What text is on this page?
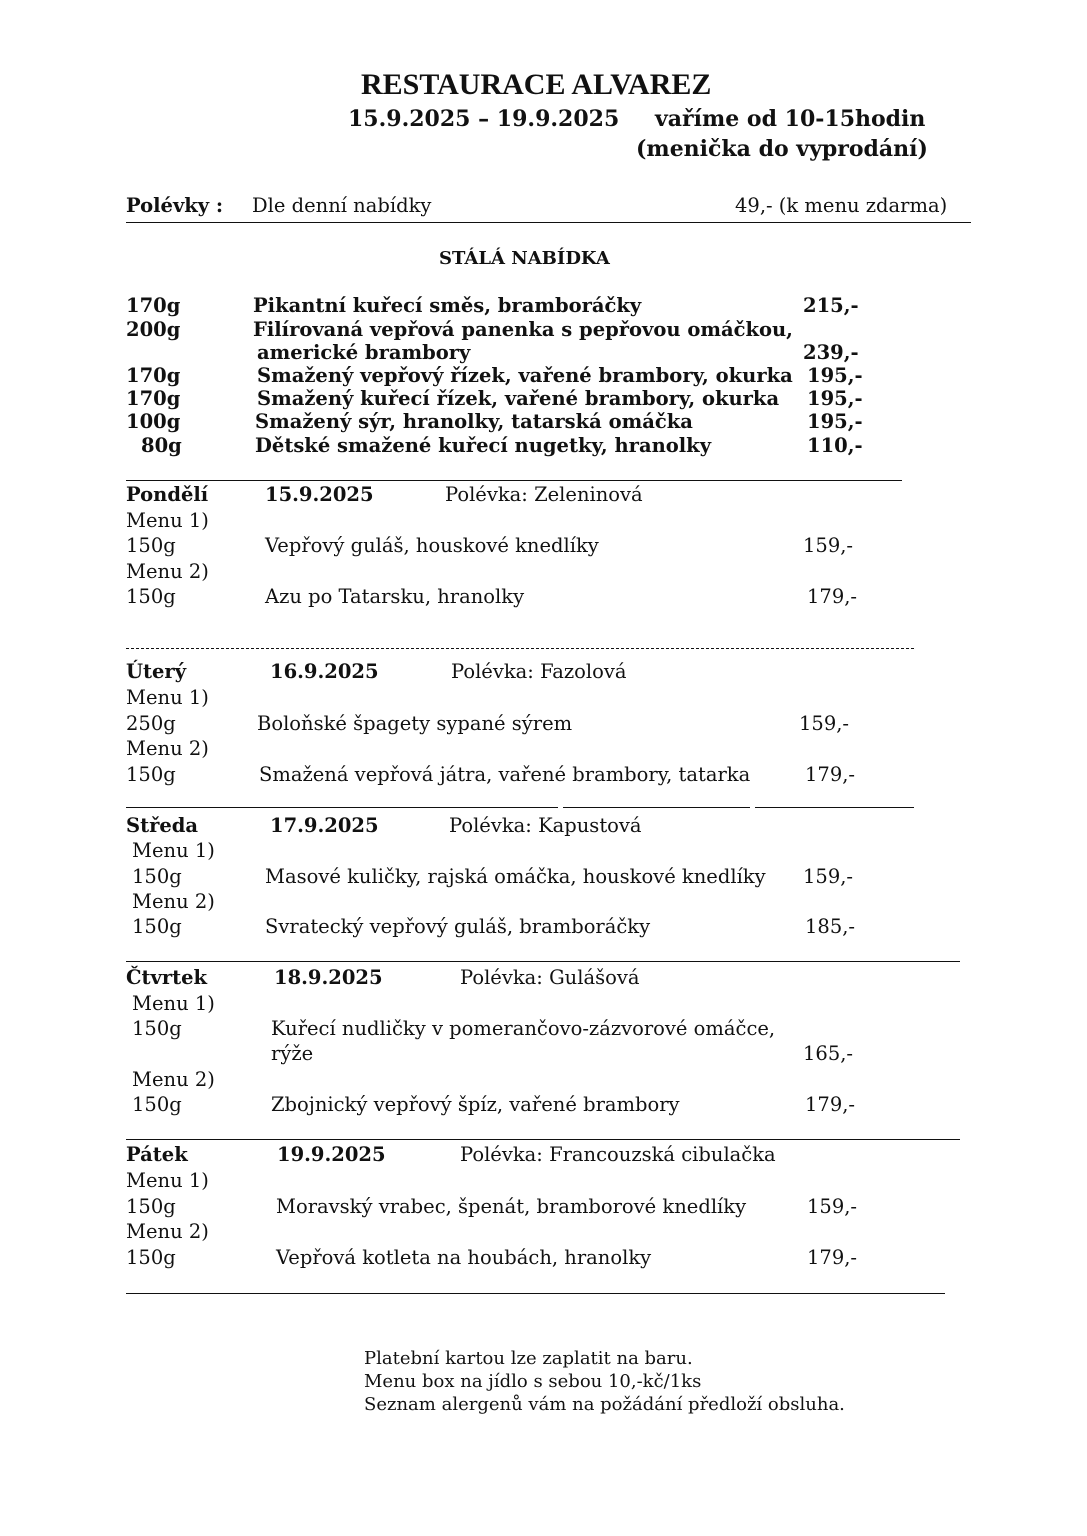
RESTAURACE ALVAREZ
15.9.2025 – 19.9.2025 vaříme od 10-15hodin
(menička do vyprodání)
Polévky : Dle denní nabídky	49,- (k menu zdarma)
STÁLÁ NABÍDKA
170g	Pikantní kuřecí směs, bramboráčky	215,-
200g	Filírovaná vepřová panenka s pepřovou omáčkou,
americké brambory	239,-
170g	Smažený vepřový řízek, vařené brambory, okurka 195,-
170g	Smažený kuřecí řízek, vařené brambory, okurka 195,-
100g	Smažený sýr, hranolky, tatarská omáčka	195,-
80g	Dětské smažené kuřecí nugetky, hranolky	110,-
Pondělí	15.9.2025	Polévka: Zeleninová
Menu 1)
150g	Vepřový guláš, houskové knedlíky	159,-
Menu 2)
150g	Azu po Tatarsku, hranolky	179,-
Úterý	16.9.2025	Polévka: Fazolová
Menu 1)
250g	Boloňské špagety sypané sýrem	159,-
Menu 2)
150g	Smažená vepřová játra, vařené brambory, tatarka	179,-
Středa	17.9.2025	Polévka: Kapustová
Menu 1)
150g	Masové kuličky, rajská omáčka, houskové knedlíky 159,-
Menu 2)
150g	Svratecký vepřový guláš, bramboráčky	185,-
Čtvrtek	18.9.2025	Polévka: Gulášová
Menu 1)
150g	Kuřecí nudličky v pomerančovo-zázvorové omáčce,
rýže	165,-
Menu 2)
150g	Zbojnický vepřový špíz, vařené brambory	179,-
Pátek	19.9.2025	Polévka: Francouzská cibulačka
Menu 1)
150g	Moravský vrabec, špenát, bramborové knedlíky	159,-
Menu 2)
150g	Vepřová kotleta na houbách, hranolky	179,-
Platební kartou lze zaplatit na baru.
Menu box na jídlo s sebou 10,-kč/1ks
Seznam alergenů vám na požádání předloží obsluha.
